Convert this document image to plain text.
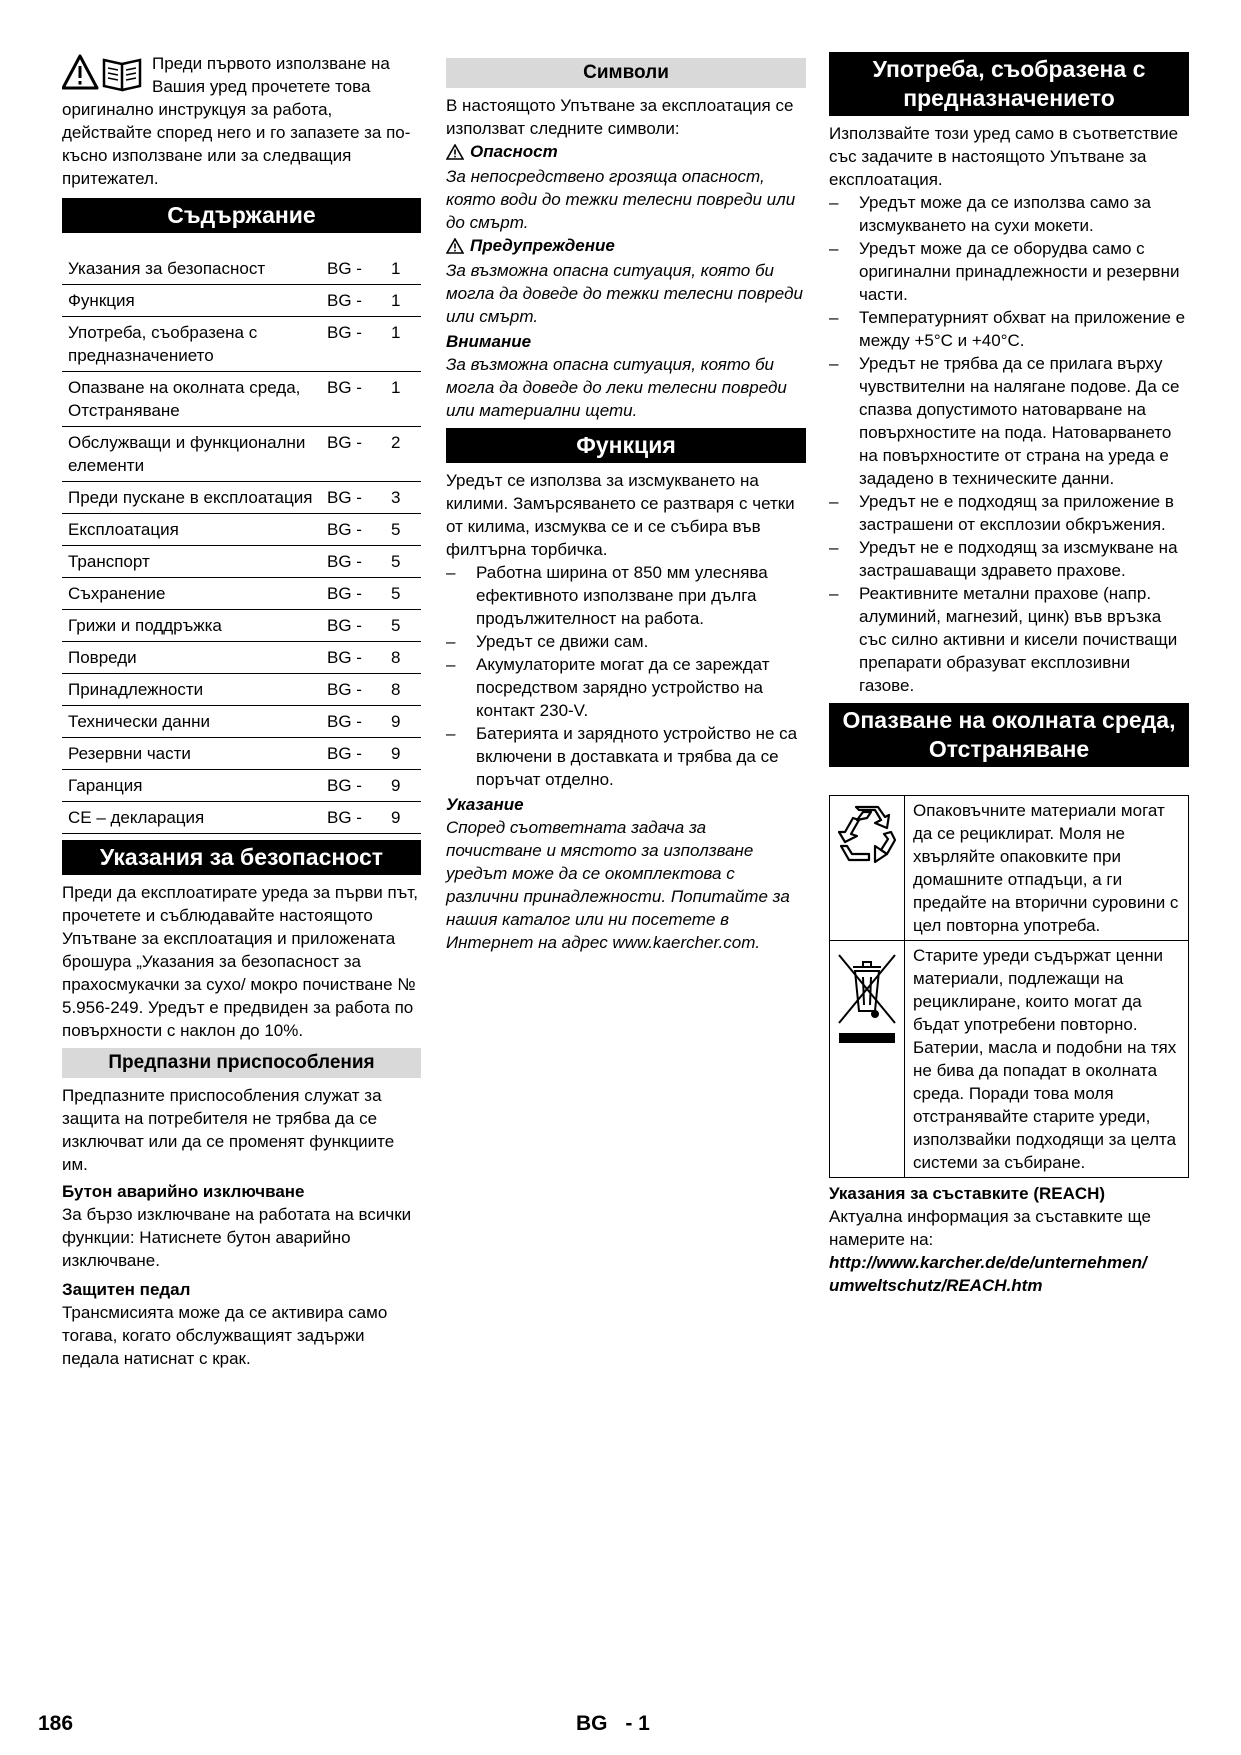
Преди първото използване на

Вашия уред прочетете това

оригинално инструкцуя за работа, действайте според него и го запазете за по-късно използване или за следващия притежател.

Съдържание
Указания за безопасност	BG -	1
Функция	BG -	1
Употреба, съобразена с предназначението	BG -	1
Опазване на околната среда, Отстраняване	BG -	1
Обслужващи и функционални елементи	BG -	2
Преди пускане в експлоатация	BG -	3
Експлоатация	BG -	5
Транспорт	BG -	5
Съхранение	BG -	5
Грижи и поддръжка	BG -	5
Повреди	BG -	8
Принадлежности	BG -	8
Технически данни	BG -	9
Резервни части	BG -	9
Гаранция	BG -	9
CE – декларация	BG -	9
Указания за безопасност

Преди да експлоатирате уреда за първи път, прочетете и съблюдавайте настоящото Упътване за експлоатация и приложената брошура „Указания за безопасност за прахосмукачки за сухо/ мокро почистване № 5.956-249. Уредът е предвиден за работа по повърхности с наклон до 10%.

Предпазни приспособления

Предпазните приспособления служат за защита на потребителя не трябва да се изключват или да се променят функциите им.

Бутон аварийно изключване

За бързо изключване на работата на всички функции: Натиснете бутон аварийно изключване.

Защитен педал

Трансмисията може да се активира само тогава, когато обслужващият задържи педала натиснат с крак.

Символи

В настоящото Упътване за експлоатация се използват следните символи:

Опасност

За непосредствено грозяща опасност, която води до тежки телесни повреди или до смърт.

Предупреждение

За възможна опасна ситуация, която би могла да доведе до тежки телесни повреди или смърт.

Внимание

За възможна опасна ситуация, която би могла да доведе до леки телесни повреди или материални щети.

Функция

Уредът се използва за изсмукването на килими. Замърсяването се разтваря с четки от килима, изсмуква се и се събира във филтърна торбичка.

–	Работна ширина от 850 мм улеснява ефективното използване при дълга продължителност на работа.
–	Уредът се движи сам.
–	Акумулаторите могат да се зареждат посредством зарядно устройство на контакт 230-V.
–	Батерията и зарядното устройство не са включени в доставката и трябва да се поръчат отделно.

Указание

Според съответната задача за почистване и мястото за използване уредът може да се окомплектова с различни принадлежности. Попитайте за нашия каталог или ни посетете в Интернет на адрес www.kaercher.com.

Употреба, съобразена с предназначението

Използвайте този уред само в съответствие със задачите в настоящото Упътване за експлоатация.

–	Уредът може да се използва само за изсмукването на сухи мокети.
–	Уредът може да се оборудва само с оригинални принадлежности и резервни части.
–	Температурният обхват на приложение е между +5°C и +40°C.
–	Уредът не трябва да се прилага върху чувствителни на налягане подове. Да се спазва допустимото натоварване на повърхностите на пода. Натоварването на повърхностите от страна на уреда е зададено в техническите данни.
–	Уредът не е подходящ за приложение в застрашени от експлозии обкръжения.
–	Уредът не е подходящ за изсмукване на застрашаващи здравето прахове.
–	Реактивните метални прахове (напр. алуминий, магнезий, цинк) във връзка със силно активни и кисели почистващи препарати образуват експлозивни газове.
Опазване на околната среда, Отстраняване
	Опаковъчните материали могат да се рециклират. Моля не хвърляйте опаковките при домашните отпадъци, а ги предайте на вторични суровини с цел повторна употреба.
	Старите уреди съдържат ценни материали, подлежащи на рециклиране, които могат да бъдат употребени повторно. Батерии, масла и подобни на тях не бива да попадат в околната среда. Поради това моля отстранявайте старите уреди, използвайки подходящи за целта системи за събиране.

Указания за съставките (REACH)

Актуална информация за съставките ще намерите на:

http://www.karcher.de/de/unternehmen/ umweltschutz/REACH.htm

186	BG - 1
